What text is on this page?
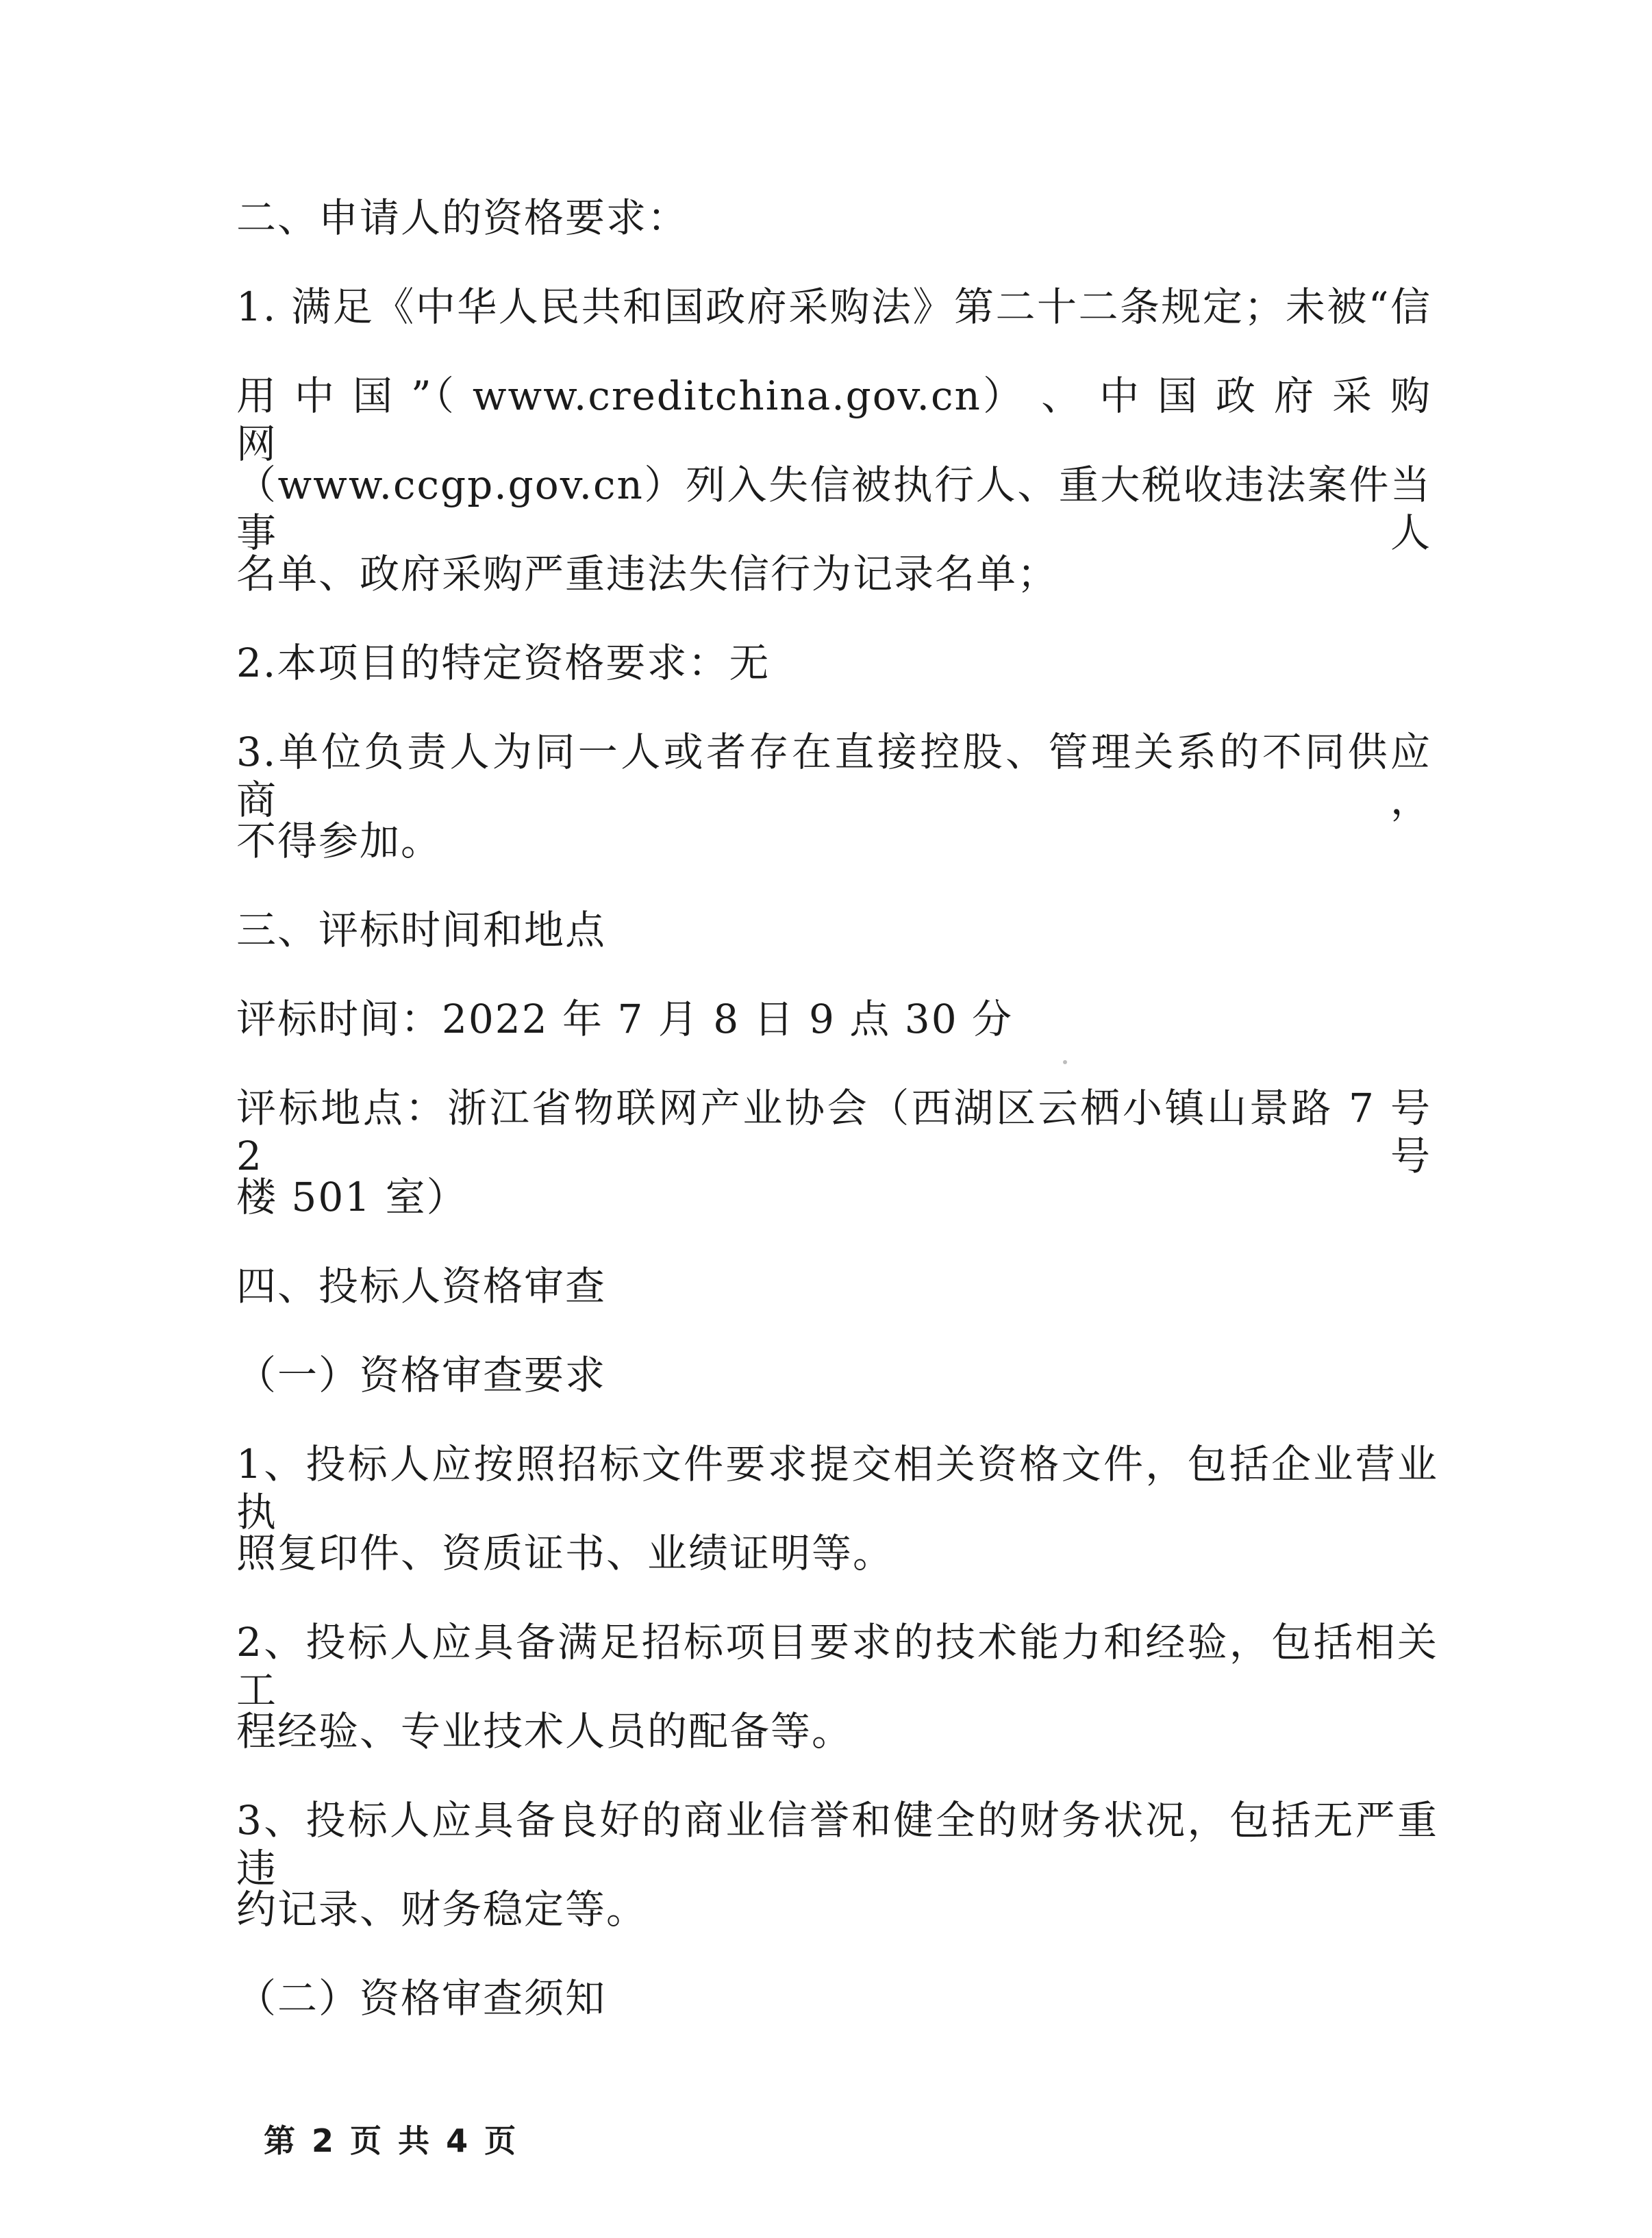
二、申请人的资格要求：
1. 满足《中华人民共和国政府采购法》第二十二条规定；未被“信
用 中 国 ”（ www.creditchina.gov.cn） 、 中 国 政 府 采 购 网
（www.ccgp.gov.cn）列入失信被执行人、重大税收违法案件当事人
名单、政府采购严重违法失信行为记录名单；
2.本项目的特定资格要求：无
3.单位负责人为同一人或者存在直接控股、管理关系的不同供应商，
不得参加。
三、评标时间和地点
评标时间：2022 年 7 月 8 日 9 点 30 分
评标地点：浙江省物联网产业协会（西湖区云栖小镇山景路 7 号 2 号
楼 501 室）
四、投标人资格审查
（一）资格审查要求
1、投标人应按照招标文件要求提交相关资格文件，包括企业营业执
照复印件、资质证书、业绩证明等。
2、投标人应具备满足招标项目要求的技术能力和经验，包括相关工
程经验、专业技术人员的配备等。
3、投标人应具备良好的商业信誉和健全的财务状况，包括无严重违
约记录、财务稳定等。
（二）资格审查须知
第 2 页 共 4 页
